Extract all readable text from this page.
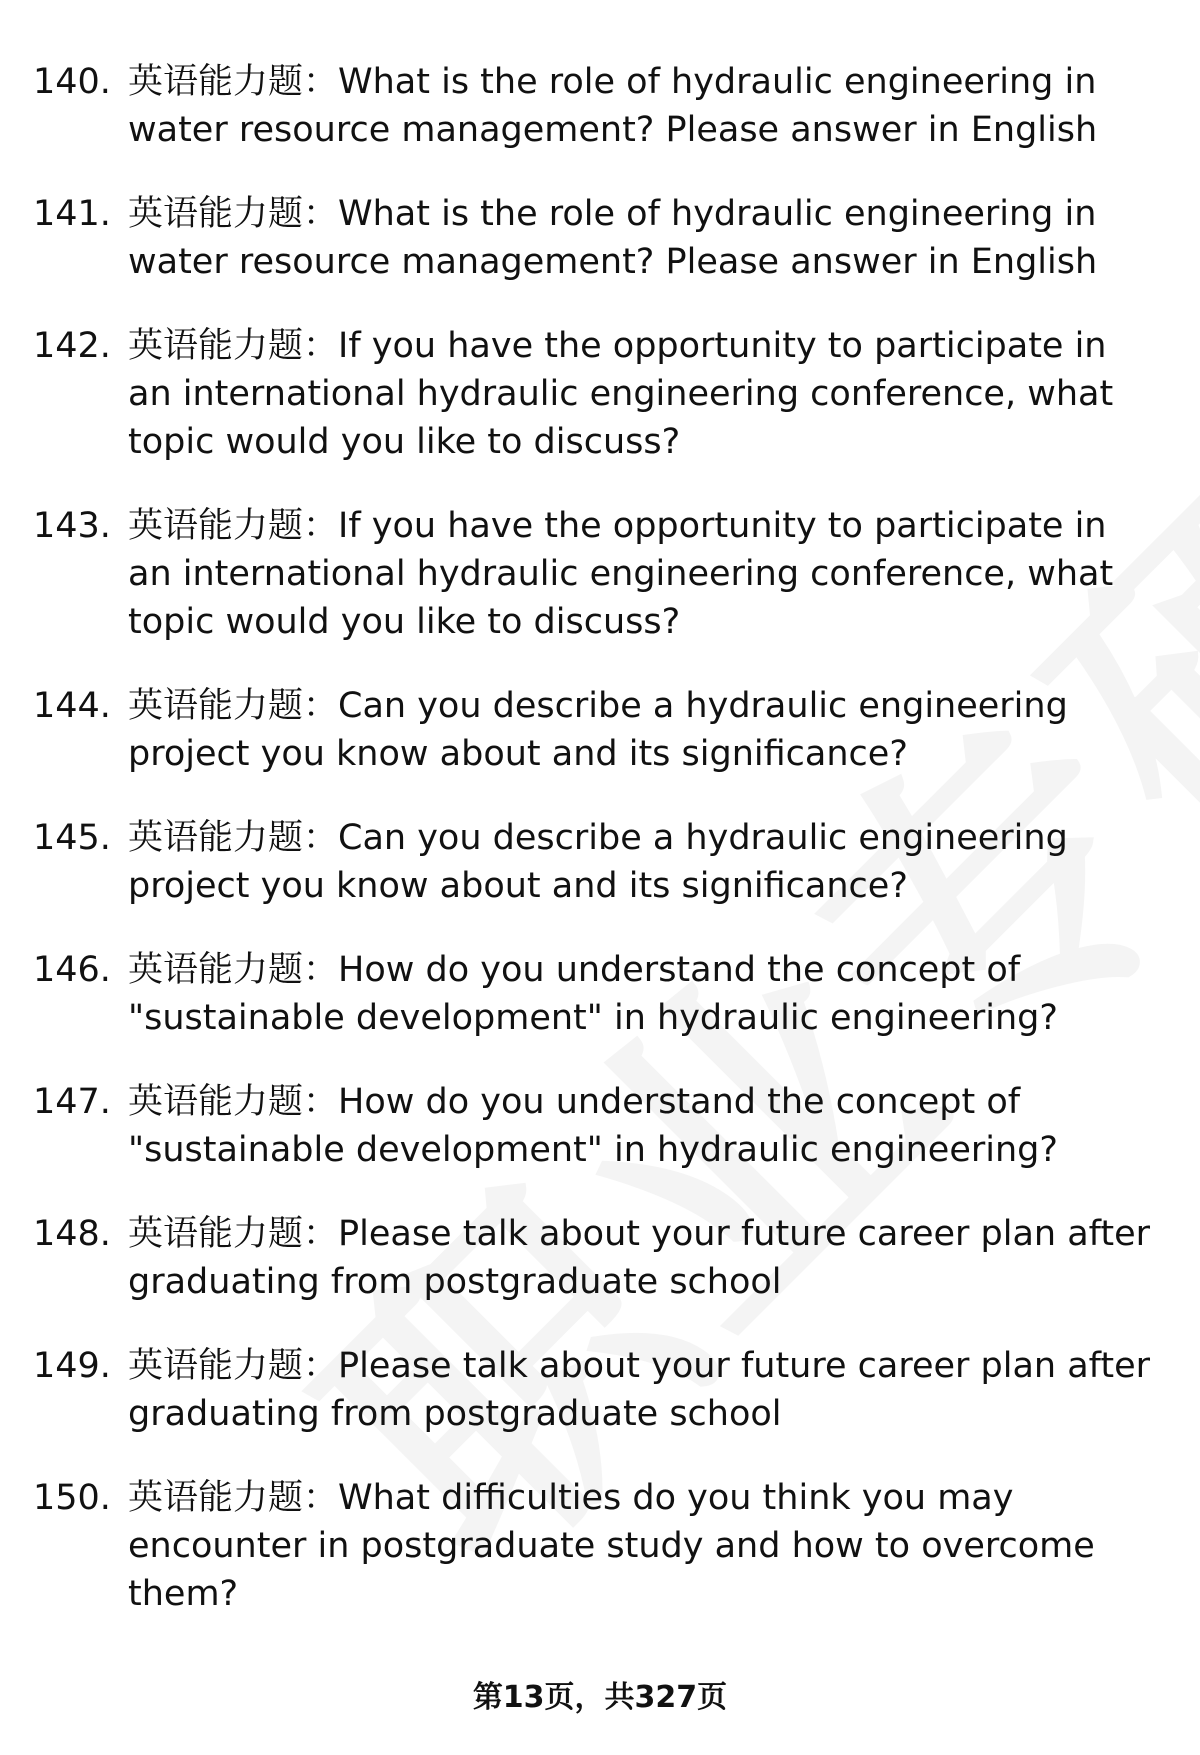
140. 英语能力题：What is the role of hydraulic engineering in water resource management? Please answer in English
141. 英语能力题：What is the role of hydraulic engineering in water resource management? Please answer in English
142. 英语能力题：If you have the opportunity to participate in an international hydraulic engineering conference, what topic would you like to discuss?
143. 英语能力题：If you have the opportunity to participate in an international hydraulic engineering conference, what topic would you like to discuss?
144. 英语能力题：Can you describe a hydraulic engineering project you know about and its significance?
145. 英语能力题：Can you describe a hydraulic engineering project you know about and its significance?
146. 英语能力题：How do you understand the concept of "sustainable development" in hydraulic engineering?
147. 英语能力题：How do you understand the concept of "sustainable development" in hydraulic engineering?
148. 英语能力题：Please talk about your future career plan after graduating from postgraduate school
149. 英语能力题：Please talk about your future career plan after graduating from postgraduate school
150. 英语能力题：What difficulties do you think you may encounter in postgraduate study and how to overcome them?
第13页，共327页
